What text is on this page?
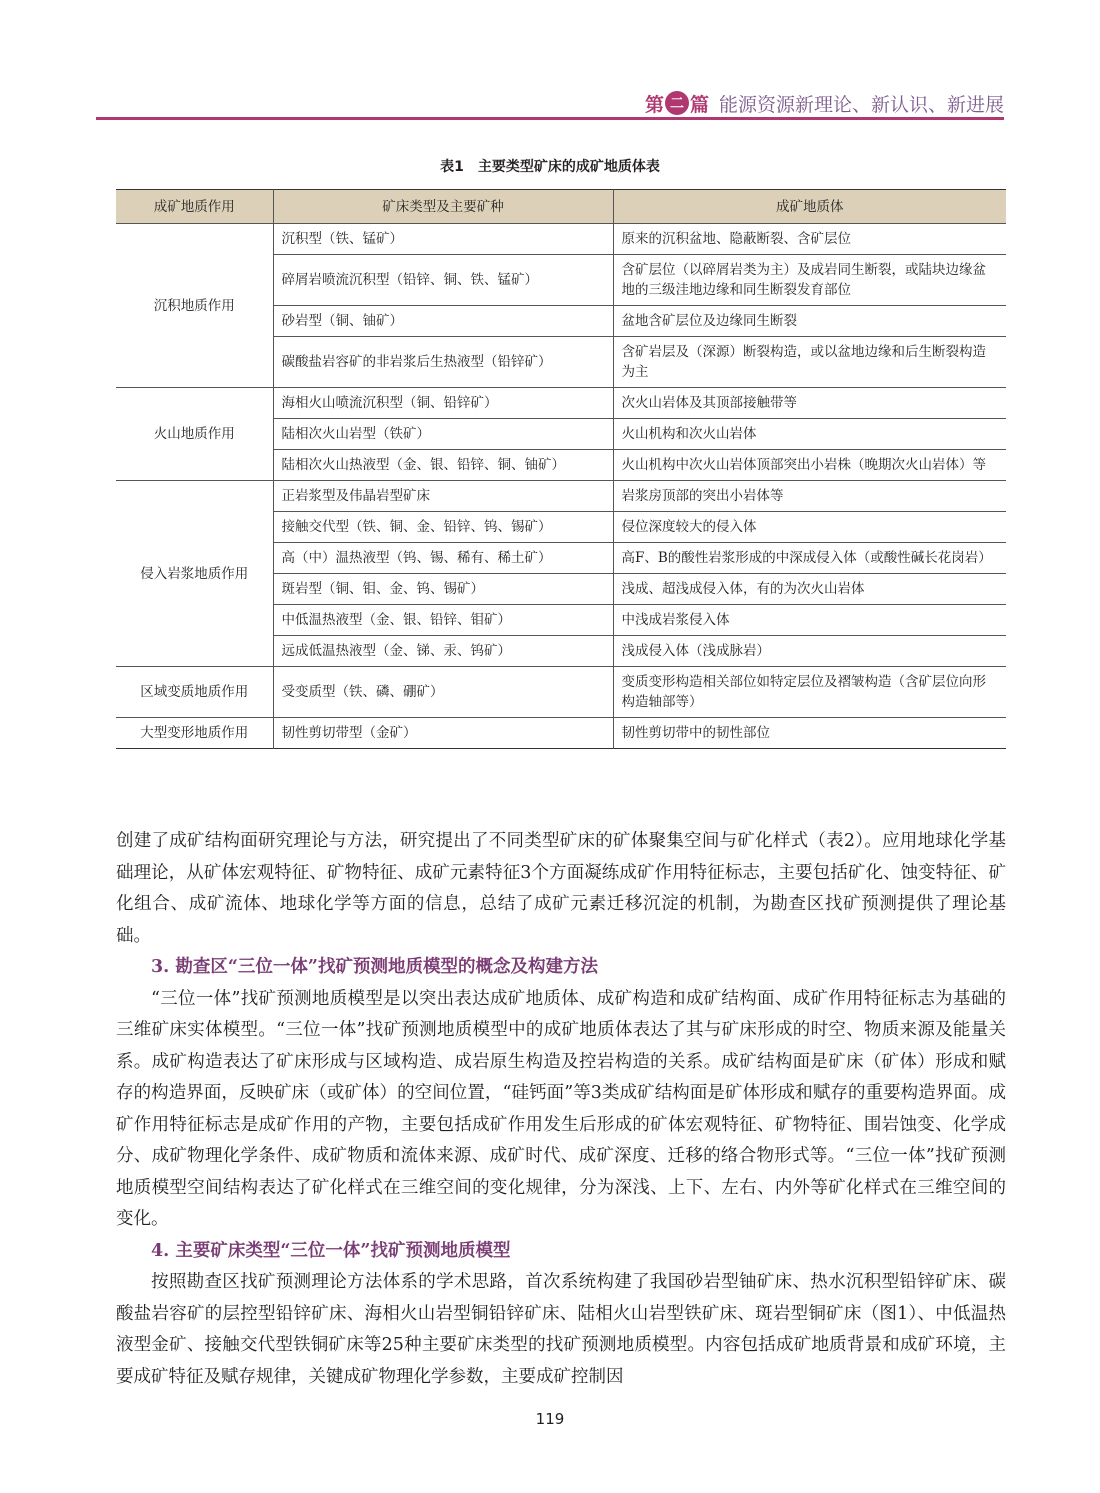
第 二 篇 能源资源新理论、新认识、新进展
表1　主要类型矿床的成矿地质体表
成矿地质作用	矿床类型及主要矿种	成矿地质体
沉积地质作用	沉积型（铁、锰矿）	原来的沉积盆地、隐蔽断裂、含矿层位
	碎屑岩喷流沉积型（铅锌、铜、铁、锰矿）	含矿层位（以碎屑岩类为主）及成岩同生断裂，或陆块边缘盆地的三级洼地边缘和同生断裂发育部位
	砂岩型（铜、铀矿）	盆地含矿层位及边缘同生断裂
	碳酸盐岩容矿的非岩浆后生热液型（铅锌矿）	含矿岩层及（深源）断裂构造，或以盆地边缘和后生断裂构造为主
火山地质作用	海相火山喷流沉积型（铜、铅锌矿）	次火山岩体及其顶部接触带等
	陆相次火山岩型（铁矿）	火山机构和次火山岩体
	陆相次火山热液型（金、银、铅锌、铜、铀矿）	火山机构中次火山岩体顶部突出小岩株（晚期次火山岩体）等
侵入岩浆地质作用	正岩浆型及伟晶岩型矿床	岩浆房顶部的突出小岩体等
	接触交代型（铁、铜、金、铅锌、钨、锡矿）	侵位深度较大的侵入体
	高（中）温热液型（钨、锡、稀有、稀土矿）	高F、B的酸性岩浆形成的中深成侵入体（或酸性碱长花岗岩）
	斑岩型（铜、钼、金、钨、锡矿）	浅成、超浅成侵入体，有的为次火山岩体
	中低温热液型（金、银、铅锌、钼矿）	中浅成岩浆侵入体
	远成低温热液型（金、锑、汞、钨矿）	浅成侵入体（浅成脉岩）
区域变质地质作用	受变质型（铁、磷、硼矿）	变质变形构造相关部位如特定层位及褶皱构造（含矿层位向形构造轴部等）
大型变形地质作用	韧性剪切带型（金矿）	韧性剪切带中的韧性部位

创建了成矿结构面研究理论与方法，研究提出了不同类型矿床的矿体聚集空间与矿化样式（表2）。应用地球化学基础理论，从矿体宏观特征、矿物特征、成矿元素特征3个方面凝练成矿作用特征标志，主要包括矿化、蚀变特征、矿化组合、成矿流体、地球化学等方面的信息，总结了成矿元素迁移沉淀的机制，为勘查区找矿预测提供了理论基础。

3. 勘查区“三位一体”找矿预测地质模型的概念及构建方法

“三位一体”找矿预测地质模型是以突出表达成矿地质体、成矿构造和成矿结构面、成矿作用特征标志为基础的三维矿床实体模型。“三位一体”找矿预测地质模型中的成矿地质体表达了其与矿床形成的时空、物质来源及能量关系。成矿构造表达了矿床形成与区域构造、成岩原生构造及控岩构造的关系。成矿结构面是矿床（矿体）形成和赋存的构造界面，反映矿床（或矿体）的空间位置，“硅钙面”等3类成矿结构面是矿体形成和赋存的重要构造界面。成矿作用特征标志是成矿作用的产物，主要包括成矿作用发生后形成的矿体宏观特征、矿物特征、围岩蚀变、化学成分、成矿物理化学条件、成矿物质和流体来源、成矿时代、成矿深度、迁移的络合物形式等。“三位一体”找矿预测地质模型空间结构表达了矿化样式在三维空间的变化规律，分为深浅、上下、左右、内外等矿化样式在三维空间的变化。

4. 主要矿床类型“三位一体”找矿预测地质模型

按照勘查区找矿预测理论方法体系的学术思路，首次系统构建了我国砂岩型铀矿床、热水沉积型铅锌矿床、碳酸盐岩容矿的层控型铅锌矿床、海相火山岩型铜铅锌矿床、陆相火山岩型铁矿床、斑岩型铜矿床（图1）、中低温热液型金矿、接触交代型铁铜矿床等25种主要矿床类型的找矿预测地质模型。内容包括成矿地质背景和成矿环境，主要成矿特征及赋存规律，关键成矿物理化学参数，主要成矿控制因

119
